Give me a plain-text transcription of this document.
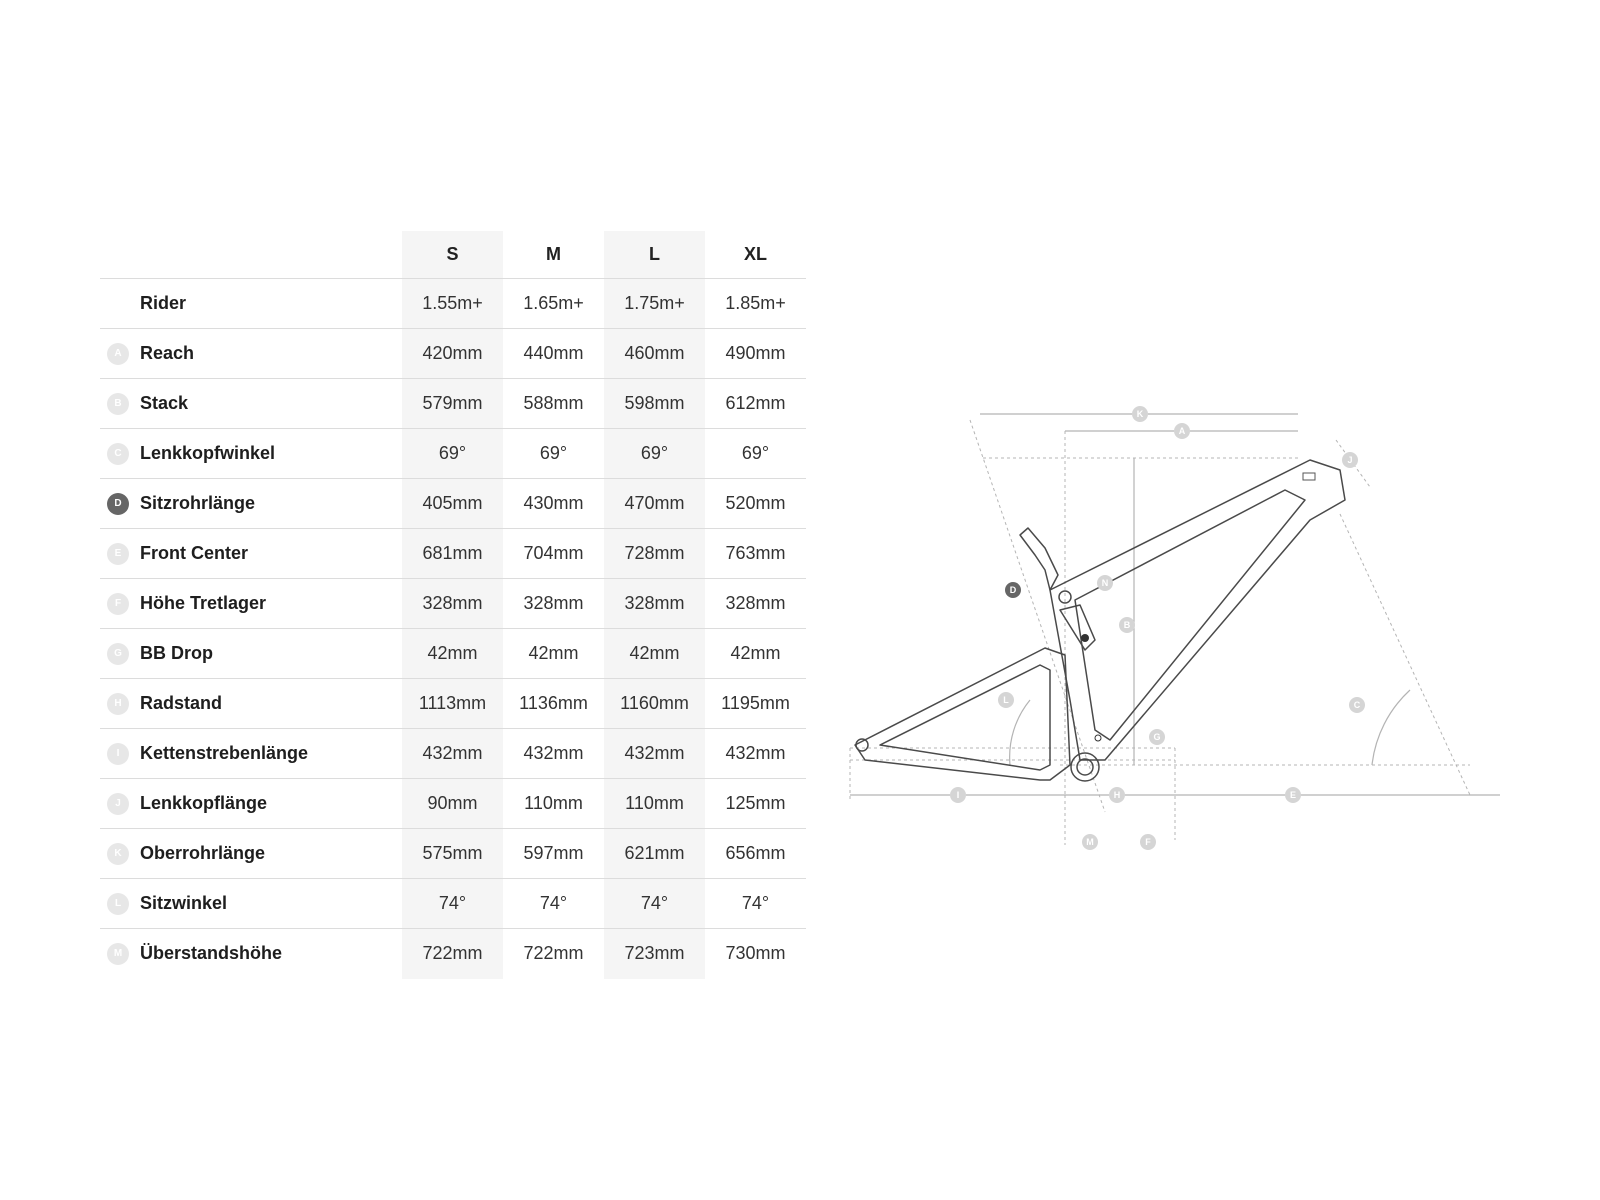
		S	M	L	XL
	Rider	1.55m+	1.65m+	1.75m+	1.85m+
A	Reach	420mm	440mm	460mm	490mm
B	Stack	579mm	588mm	598mm	612mm
C	Lenkkopfwinkel	69°	69°	69°	69°
D	Sitzrohrlänge	405mm	430mm	470mm	520mm
E	Front Center	681mm	704mm	728mm	763mm
F	Höhe Tretlager	328mm	328mm	328mm	328mm
G	BB Drop	42mm	42mm	42mm	42mm
H	Radstand	1113mm	1136mm	1160mm	1195mm
I	Kettenstrebenlänge	432mm	432mm	432mm	432mm
J	Lenkkopflänge	90mm	110mm	110mm	125mm
K	Oberrohrlänge	575mm	597mm	621mm	656mm
L	Sitzwinkel	74°	74°	74°	74°
M	Überstandshöhe	722mm	722mm	723mm	730mm
K
A
J
N
D
B
L	C
G
I	H	E
M	F
